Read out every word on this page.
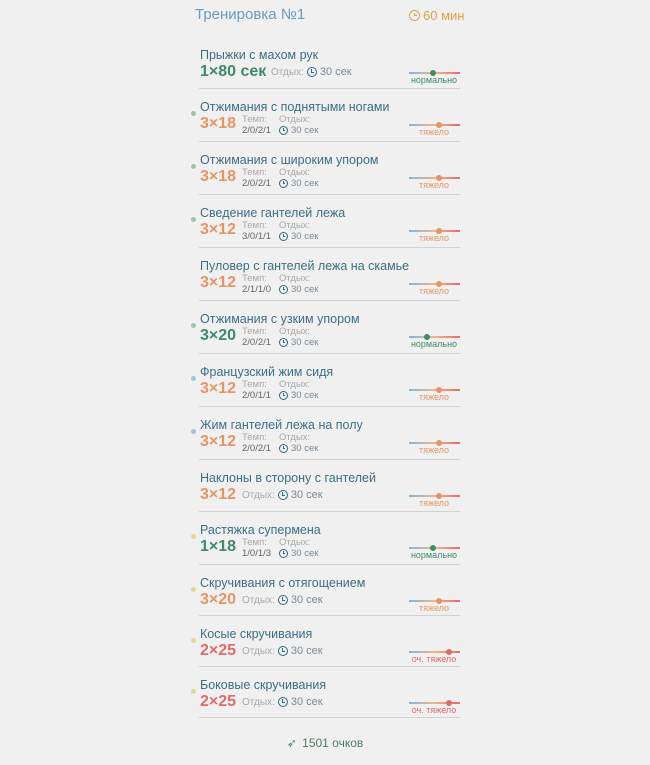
Тренировка №1	60 мин
Прыжки с махом рук
1×80 сек Отдых: 30 сек
нормально
Отжимания с поднятыми ногами
3×18 Темп:
2/0/2/1
Отдых:
30 сек	тяжело
Отжимания с широким упором
3×18 Темп:
2/0/2/1
Отдых:
30 сек	тяжело
Сведение гантелей лежа
3×12 Темп:
3/0/1/1
Отдых:
30 сек	тяжело
Пуловер с гантелей лежа на скамье
3×12 Темп:
2/1/1/0
Отдых:
30 сек	тяжело
Отжимания с узким упором
3×20 Темп:
2/0/2/1
Отдых:
30 сек	нормально
Французский жим сидя
3×12 Темп:
2/0/1/1
Отдых:
30 сек	тяжело
Жим гантелей лежа на полу
3×12 Темп:
2/0/2/1
Отдых:
30 сек	тяжело
Наклоны в сторону с гантелей
3×12 Отдых: 30 сек
тяжело
Растяжка супермена
1×18 Темп:
1/0/1/3
Отдых:
30 сек	нормально
Скручивания с отягощением
3×20 Отдых: 30 сек
тяжело
Косые скручивания
2×25 Отдых: 30 сек
оч. тяжело
Боковые скручивания
2×25 Отдых: 30 сек
оч. тяжело
➶ 1501 очков
